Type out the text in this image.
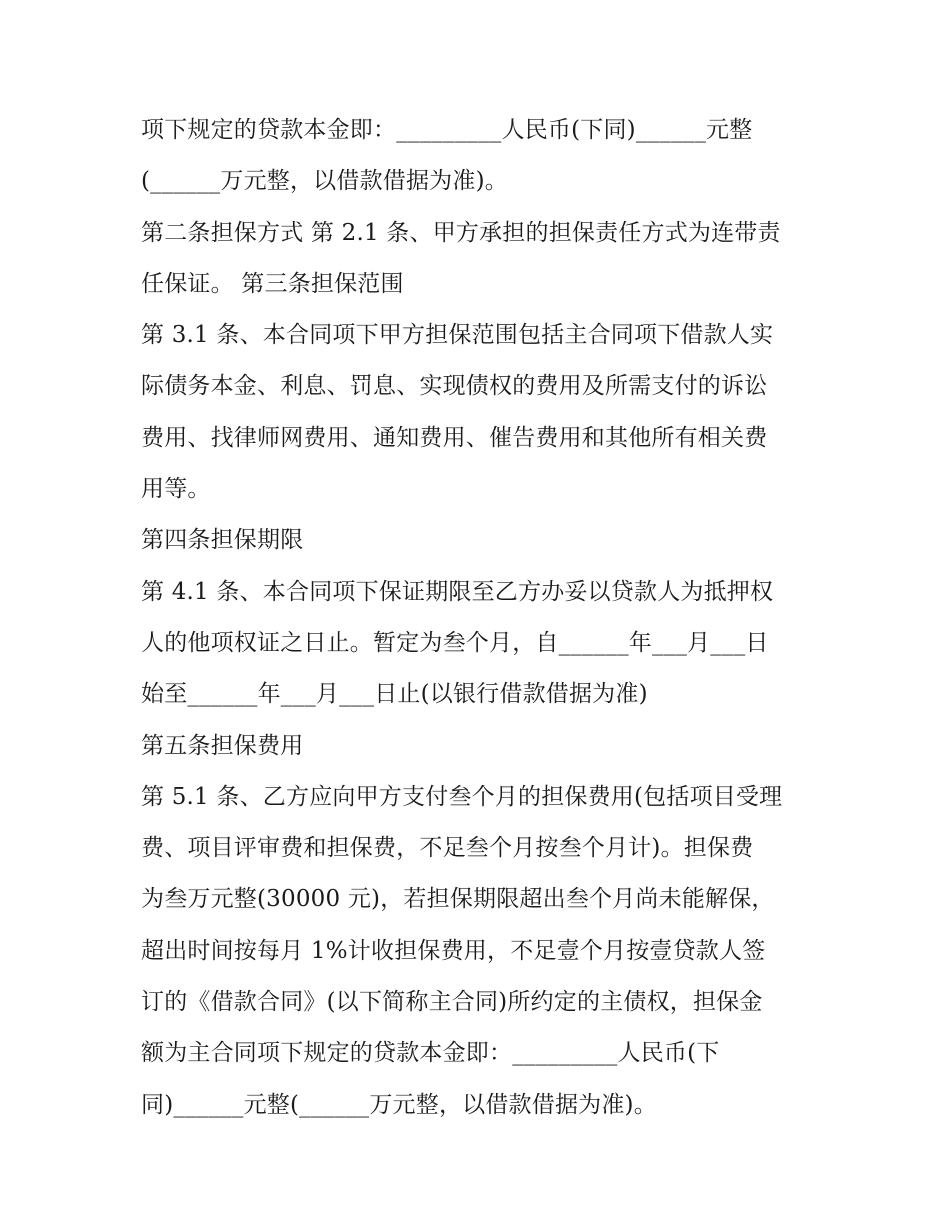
项下规定的贷款本金即：_________人民币(下同)______元整
(______万元整，以借款借据为准)。
第二条担保方式 第 2.1 条、甲方承担的担保责任方式为连带责
任保证。 第三条担保范围
第 3.1 条、本合同项下甲方担保范围包括主合同项下借款人实
际债务本金、利息、罚息、实现债权的费用及所需支付的诉讼
费用、找律师网费用、通知费用、催告费用和其他所有相关费
用等。
第四条担保期限
第 4.1 条、本合同项下保证期限至乙方办妥以贷款人为抵押权
人的他项权证之日止。暂定为叁个月，自______年___月___日
始至______年___月___日止(以银行借款借据为准)
第五条担保费用
第 5.1 条、乙方应向甲方支付叁个月的担保费用(包括项目受理
费、项目评审费和担保费，不足叁个月按叁个月计)。担保费
为叁万元整(30000 元)，若担保期限超出叁个月尚未能解保，
超出时间按每月 1%计收担保费用，不足壹个月按壹贷款人签
订的《借款合同》(以下简称主合同)所约定的主债权，担保金
额为主合同项下规定的贷款本金即：_________人民币(下
同)______元整(______万元整，以借款借据为准)。
